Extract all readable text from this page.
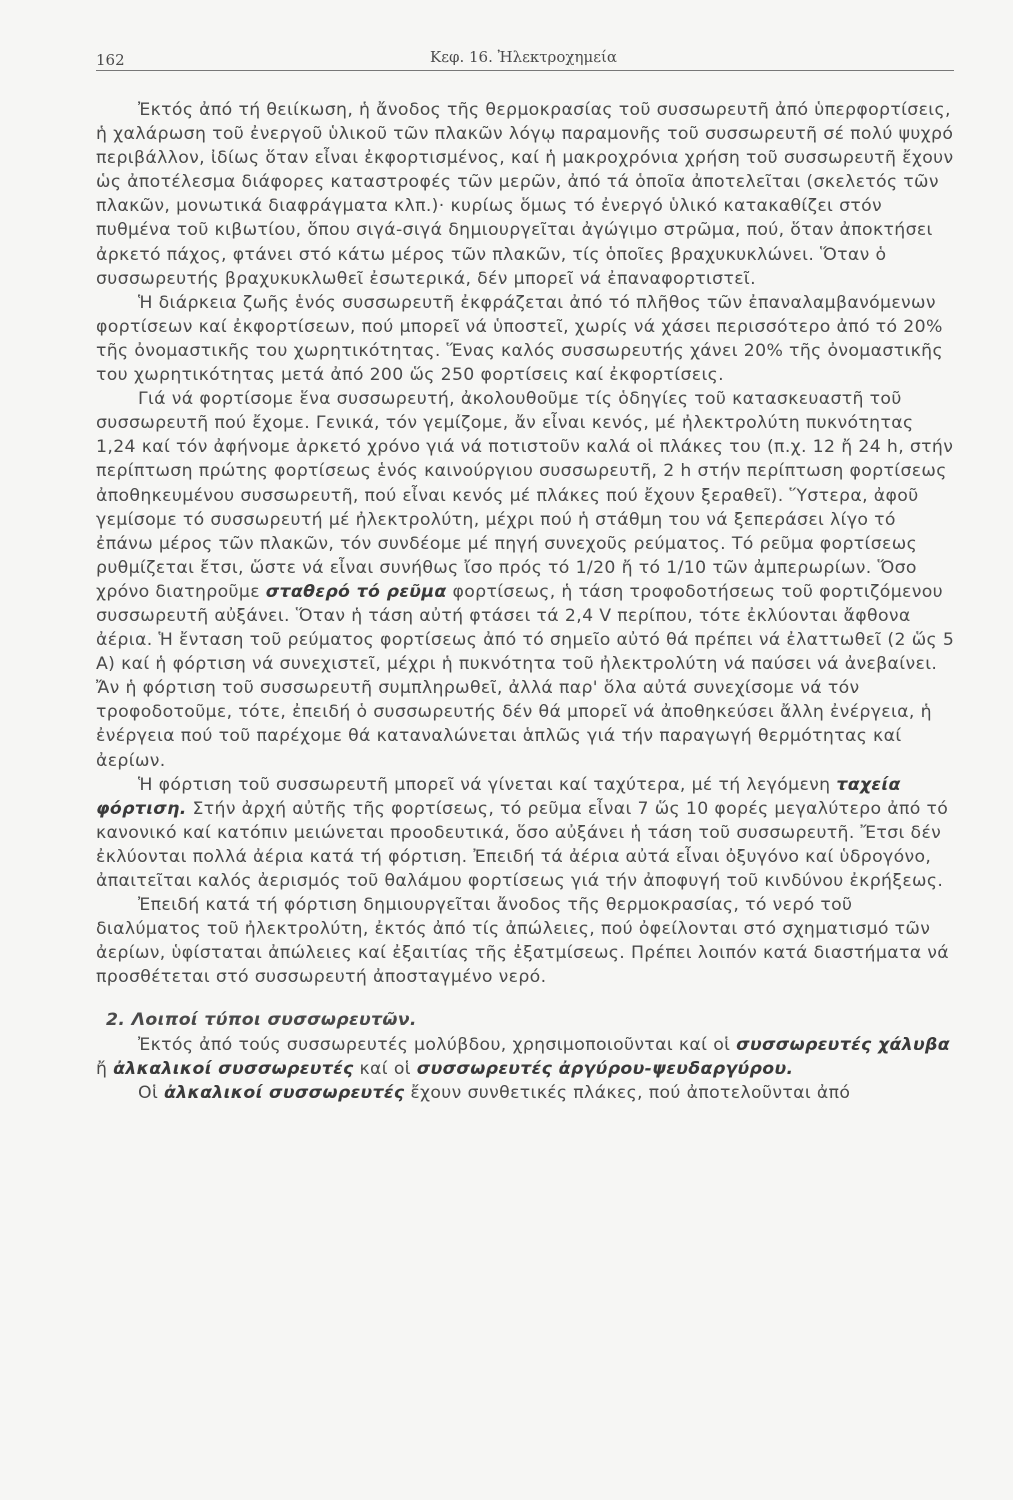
162	Κεφ. 16. Ἠλεκτροχημεία

Ἐκτός ἀπό τή θειίκωση, ἡ ἄνοδος τῆς θερμοκρασίας τοῦ συσσωρευτῆ ἀπό ὑπερφορτίσεις, ἡ χαλάρωση τοῦ ἐνεργοῦ ὑλικοῦ τῶν πλακῶν λόγῳ παραμονῆς τοῦ συσσωρευτῆ σέ πολύ ψυχρό περιβάλλον, ἰδίως ὅταν εἶναι ἐκφορτισμένος, καί ἡ μακροχρόνια χρήση τοῦ συσσωρευτῆ ἔχουν ὡς ἀποτέλεσμα διάφορες καταστροφές τῶν μερῶν, ἀπό τά ὁποῖα ἀποτελεῖται (σκελετός τῶν πλακῶν, μονωτικά διαφράγματα κλπ.)· κυρίως ὅμως τό ἐνεργό ὑλικό κατακαθίζει στόν πυθμένα τοῦ κιβωτίου, ὅπου σιγά-σιγά δημιουργεῖται ἀγώγιμο στρῶμα, πού, ὅταν ἀποκτήσει ἀρκετό πάχος, φτάνει στό κάτω μέρος τῶν πλακῶν, τίς ὁποῖες βραχυκυκλώνει. Ὅταν ὁ συσσωρευτής βραχυκυκλωθεῖ ἐσωτερικά, δέν μπορεῖ νά ἐπαναφορτιστεῖ.

Ἡ διάρκεια ζωῆς ἑνός συσσωρευτῆ ἐκφράζεται ἀπό τό πλῆθος τῶν ἐπαναλαμβανόμενων φορτίσεων καί ἐκφορτίσεων, πού μπορεῖ νά ὑποστεῖ, χωρίς νά χάσει περισσότερο ἀπό τό 20% τῆς ὀνομαστικῆς του χωρητικότητας. Ἕνας καλός συσσωρευτής χάνει 20% τῆς ὀνομαστικῆς του χωρητικότητας μετά ἀπό 200 ὥς 250 φορτίσεις καί ἐκφορτίσεις.

Γιά νά φορτίσομε ἕνα συσσωρευτή, ἀκολουθοῦμε τίς ὁδηγίες τοῦ κατασκευαστῆ τοῦ συσσωρευτῆ πού ἔχομε. Γενικά, τόν γεμίζομε, ἄν εἶναι κενός, μέ ἠλεκτρολύτη πυκνότητας 1,24 καί τόν ἀφήνομε ἀρκετό χρόνο γιά νά ποτιστοῦν καλά οἱ πλάκες του (π.χ. 12 ἤ 24 h, στήν περίπτωση πρώτης φορτίσεως ἑνός καινούργιου συσσωρευτῆ, 2 h στήν περίπτωση φορτίσεως ἀποθηκευμένου συσσωρευτῆ, πού εἶναι κενός μέ πλάκες πού ἔχουν ξεραθεῖ). Ὕστερα, ἀφοῦ γεμίσομε τό συσσωρευτή μέ ἠλεκτρολύτη, μέχρι πού ἡ στάθμη του νά ξεπεράσει λίγο τό ἐπάνω μέρος τῶν πλακῶν, τόν συνδέομε μέ πηγή συνεχοῦς ρεύματος. Τό ρεῦμα φορτίσεως ρυθμίζεται ἔτσι, ὥστε νά εἶναι συνήθως ἴσο πρός τό 1/20 ἤ τό 1/10 τῶν ἀμπερωρίων. Ὅσο χρόνο διατηροῦμε σταθερό τό ρεῦμα φορτίσεως, ἡ τάση τροφοδοτήσεως τοῦ φορτιζόμενου συσσωρευτῆ αὐξάνει. Ὅταν ἡ τάση αὐτή φτάσει τά 2,4 V περίπου, τότε ἐκλύονται ἄφθονα ἀέρια. Ἡ ἔνταση τοῦ ρεύματος φορτίσεως ἀπό τό σημεῖο αὐτό θά πρέπει νά ἐλαττωθεῖ (2 ὥς 5 A) καί ἡ φόρτιση νά συνεχιστεῖ, μέχρι ἡ πυκνότητα τοῦ ἠλεκτρολύτη νά παύσει νά ἀνεβαίνει. Ἄν ἡ φόρτιση τοῦ συσσωρευτῆ συμπληρωθεῖ, ἀλλά παρ' ὅλα αὐτά συνεχίσομε νά τόν τροφοδοτοῦμε, τότε, ἐπειδή ὁ συσσωρευτής δέν θά μπορεῖ νά ἀποθηκεύσει ἄλλη ἐνέργεια, ἡ ἐνέργεια πού τοῦ παρέχομε θά καταναλώνεται ἁπλῶς γιά τήν παραγωγή θερμότητας καί ἀερίων.

Ἡ φόρτιση τοῦ συσσωρευτῆ μπορεῖ νά γίνεται καί ταχύτερα, μέ τή λεγόμενη ταχεία φόρτιση. Στήν ἀρχή αὐτῆς τῆς φορτίσεως, τό ρεῦμα εἶναι 7 ὥς 10 φορές μεγαλύτερο ἀπό τό κανονικό καί κατόπιν μειώνεται προοδευτικά, ὅσο αὐξάνει ἡ τάση τοῦ συσσωρευτῆ. Ἔτσι δέν ἐκλύονται πολλά ἀέρια κατά τή φόρτιση. Ἐπειδή τά ἀέρια αὐτά εἶναι ὀξυγόνο καί ὑδρογόνο, ἀπαιτεῖται καλός ἀερισμός τοῦ θαλάμου φορτίσεως γιά τήν ἀποφυγή τοῦ κινδύνου ἐκρήξεως.

Ἐπειδή κατά τή φόρτιση δημιουργεῖται ἄνοδος τῆς θερμοκρασίας, τό νερό τοῦ διαλύματος τοῦ ἠλεκτρολύτη, ἐκτός ἀπό τίς ἀπώλειες, πού ὀφείλονται στό σχηματισμό τῶν ἀερίων, ὑφίσταται ἀπώλειες καί ἐξαιτίας τῆς ἐξατμίσεως. Πρέπει λοιπόν κατά διαστήματα νά προσθέτεται στό συσσωρευτή ἀποσταγμένο νερό.

2. Λοιποί τύποι συσσωρευτῶν.

Ἐκτός ἀπό τούς συσσωρευτές μολύβδου, χρησιμοποιοῦνται καί οἱ συσσωρευτές χάλυβα ἤ ἀλκαλικοί συσσωρευτές καί οἱ συσσωρευτές ἀργύρου-ψευδαργύρου.

Οἱ ἀλκαλικοί συσσωρευτές ἔχουν συνθετικές πλάκες, πού ἀποτελοῦνται ἀπό
